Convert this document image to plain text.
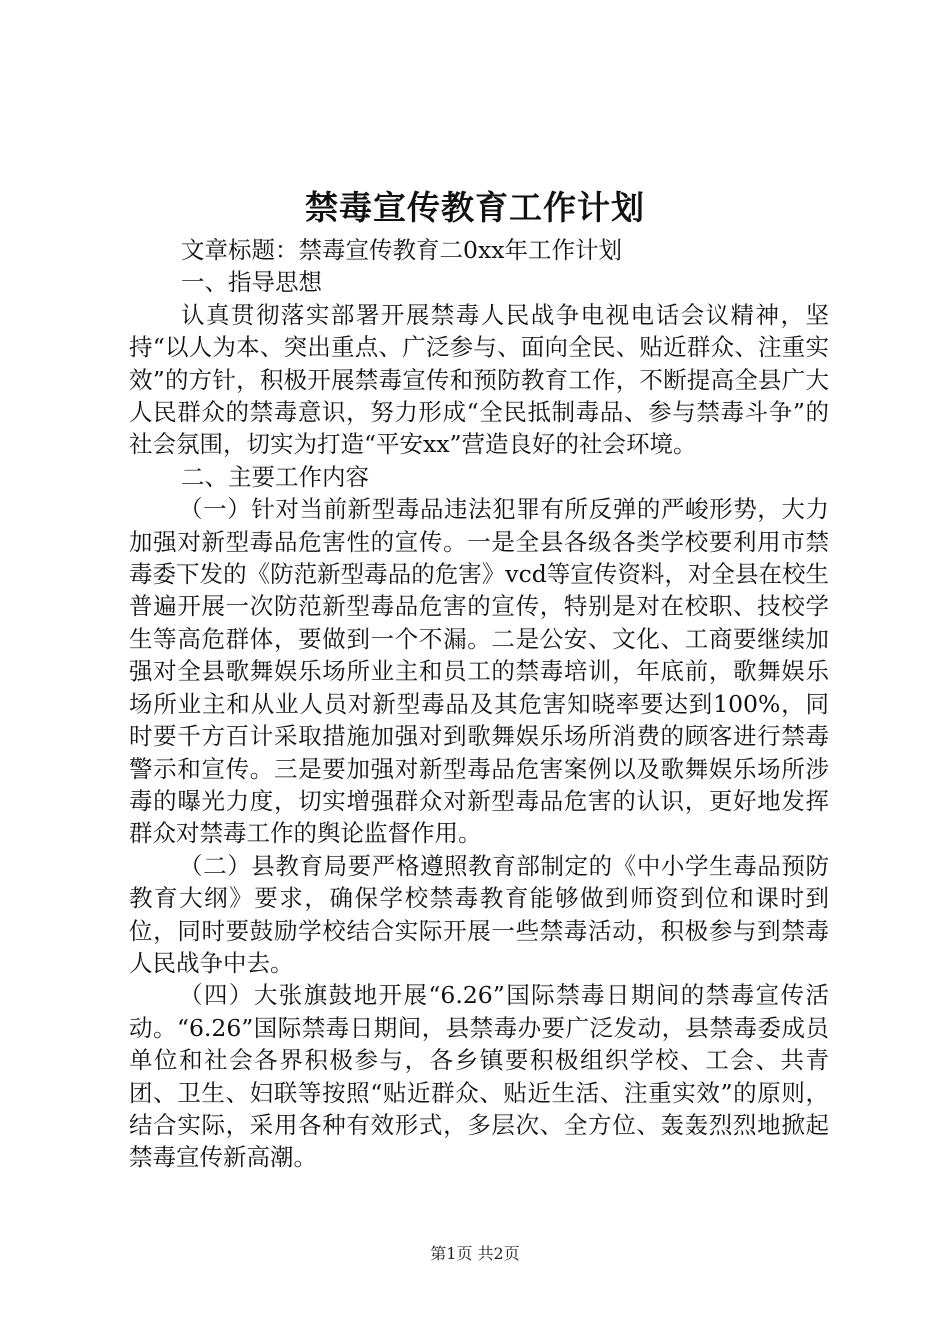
禁毒宣传教育工作计划

文章标题：禁毒宣传教育二0xx年工作计划

一、指导思想

认真贯彻落实部署开展禁毒人民战争电视电话会议精神，坚持“以人为本、突出重点、广泛参与、面向全民、贴近群众、注重实效”的方针，积极开展禁毒宣传和预防教育工作，不断提高全县广大人民群众的禁毒意识，努力形成“全民抵制毒品、参与禁毒斗争”的社会氛围，切实为打造“平安xx”营造良好的社会环境。

二、主要工作内容

（一）针对当前新型毒品违法犯罪有所反弹的严峻形势，大力加强对新型毒品危害性的宣传。一是全县各级各类学校要利用市禁毒委下发的《防范新型毒品的危害》vcd等宣传资料，对全县在校生普遍开展一次防范新型毒品危害的宣传，特别是对在校职、技校学生等高危群体，要做到一个不漏。二是公安、文化、工商要继续加强对全县歌舞娱乐场所业主和员工的禁毒培训，年底前，歌舞娱乐场所业主和从业人员对新型毒品及其危害知晓率要达到100%，同时要千方百计采取措施加强对到歌舞娱乐场所消费的顾客进行禁毒警示和宣传。三是要加强对新型毒品危害案例以及歌舞娱乐场所涉毒的曝光力度，切实增强群众对新型毒品危害的认识，更好地发挥群众对禁毒工作的舆论监督作用。

（二）县教育局要严格遵照教育部制定的《中小学生毒品预防教育大纲》要求，确保学校禁毒教育能够做到师资到位和课时到位，同时要鼓励学校结合实际开展一些禁毒活动，积极参与到禁毒人民战争中去。

（四）大张旗鼓地开展“6.26”国际禁毒日期间的禁毒宣传活动。“6.26”国际禁毒日期间，县禁毒办要广泛发动，县禁毒委成员单位和社会各界积极参与，各乡镇要积极组织学校、工会、共青团、卫生、妇联等按照“贴近群众、贴近生活、注重实效”的原则，结合实际，采用各种有效形式，多层次、全方位、轰轰烈烈地掀起禁毒宣传新高潮。

第1页 共2页
